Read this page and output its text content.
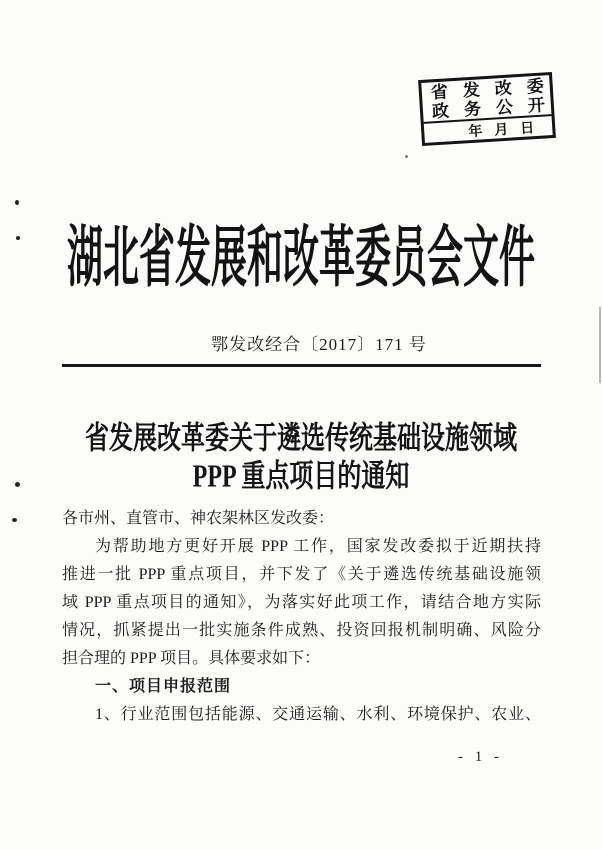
省发改委
政务公开
年月日
湖北省发展和改革委员会文件
鄂发改经合〔2017〕171 号
省发展改革委关于遴选传统基础设施领域
PPP 重点项目的通知
各市州、直管市、神农架林区发改委：
为帮助地方更好开展 PPP 工作，国家发改委拟于近期扶持
推进一批 PPP 重点项目，并下发了《关于遴选传统基础设施领
域 PPP 重点项目的通知》，为落实好此项工作，请结合地方实际
情况，抓紧提出一批实施条件成熟、投资回报机制明确、风险分
担合理的 PPP 项目。具体要求如下：
一、项目申报范围
1、行业范围包括能源、交通运输、水利、环境保护、农业、
- 1 -
